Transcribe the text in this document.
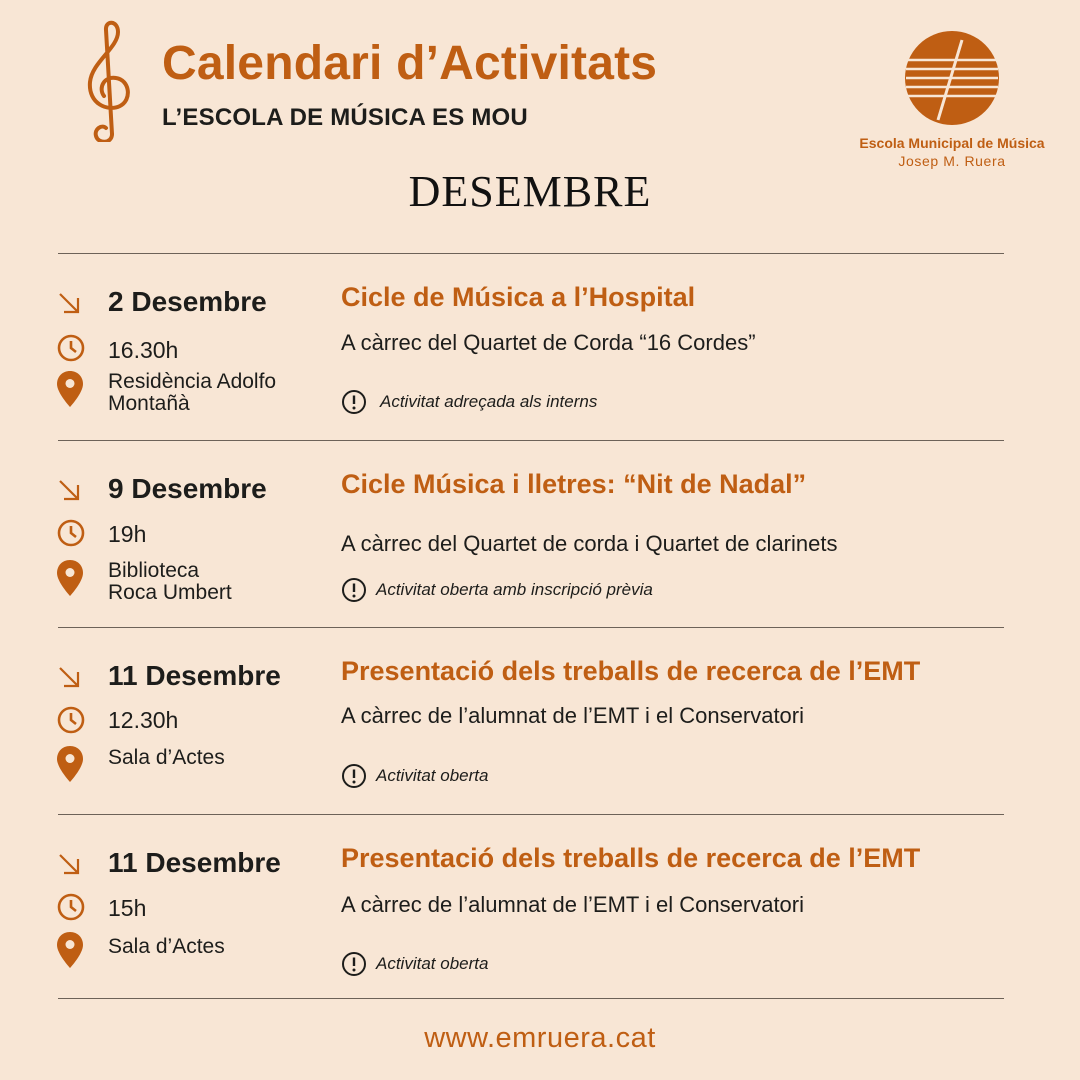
Calendari d’Activitats
L’ESCOLA DE MÚSICA ES MOU
Escola Municipal de Música
Josep M. Ruera
DESEMBRE
2 Desembre
16.30h
Residència Adolfo
Montañà
Cicle de Música a l’Hospital
A càrrec del Quartet de Corda “16 Cordes”
Activitat adreçada als interns
9 Desembre
19h
Biblioteca
Roca Umbert
Cicle Música i lletres: “Nit de Nadal”
A càrrec del Quartet de corda i Quartet de clarinets
Activitat oberta amb inscripció prèvia
11 Desembre
12.30h
Sala d’Actes
Presentació dels treballs de recerca de l’EMT
A càrrec de l’alumnat de l’EMT i el Conservatori
Activitat oberta
11 Desembre
15h
Sala d’Actes
Presentació dels treballs de recerca de l’EMT
A càrrec de l’alumnat de l’EMT i el Conservatori
Activitat oberta
www.emruera.cat
